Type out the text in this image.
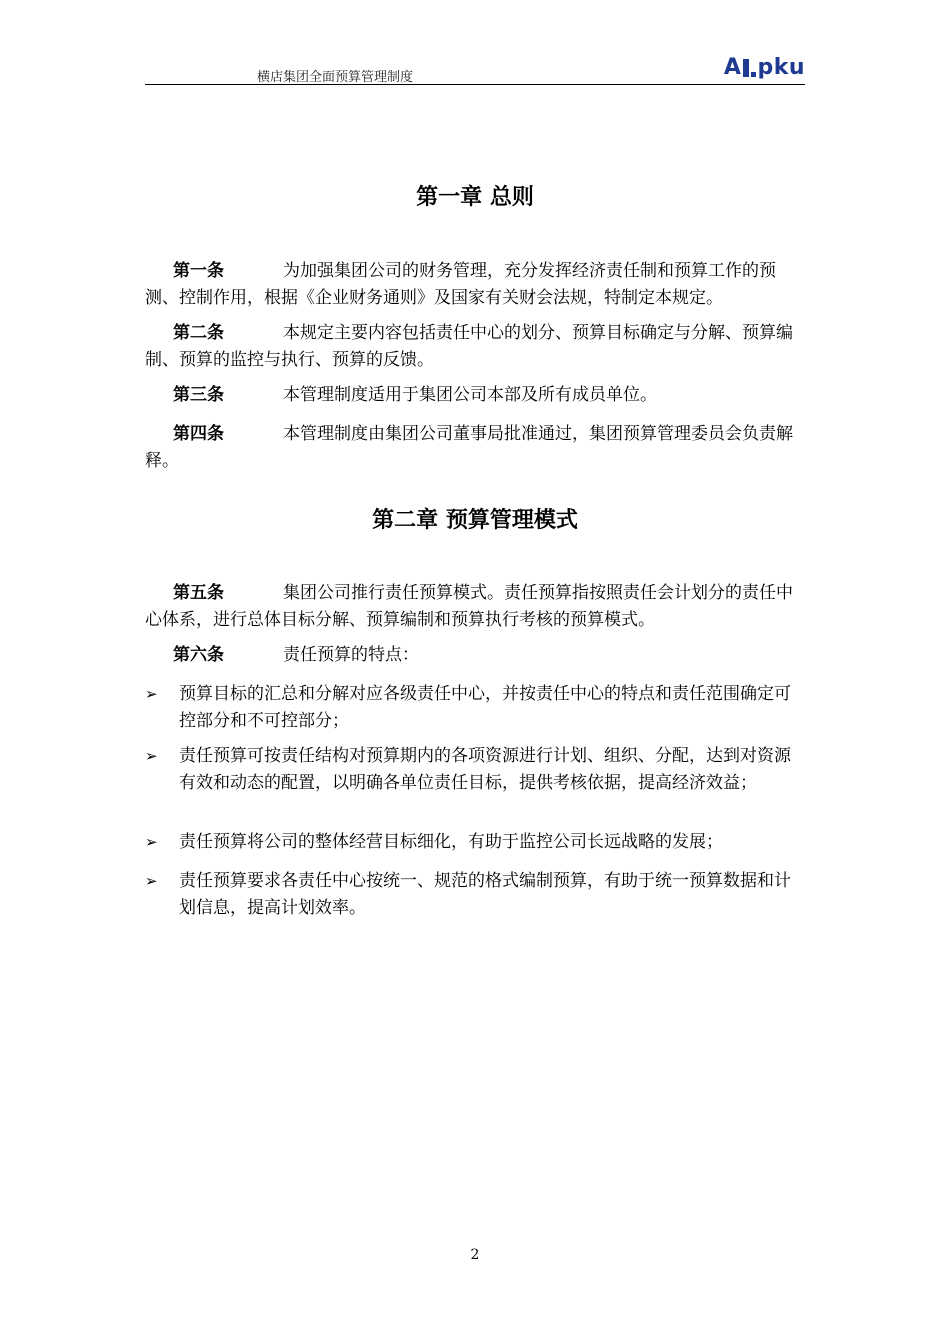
横店集团全面预算管理制度	A pku
第一章 总则
第一条	为加强集团公司的财务管理，充分发挥经济责任制和预算工作的预测、控制作用，根据《企业财务通则》及国家有关财会法规，特制定本规定。
第二条	本规定主要内容包括责任中心的划分、预算目标确定与分解、预算编制、预算的监控与执行、预算的反馈。
第三条	本管理制度适用于集团公司本部及所有成员单位。
第四条	本管理制度由集团公司董事局批准通过，集团预算管理委员会负责解释。
第二章 预算管理模式
第五条	集团公司推行责任预算模式。责任预算指按照责任会计划分的责任中心体系，进行总体目标分解、预算编制和预算执行考核的预算模式。
第六条	责任预算的特点：
➢ 预算目标的汇总和分解对应各级责任中心，并按责任中心的特点和责任范围确定可控部分和不可控部分；
➢ 责任预算可按责任结构对预算期内的各项资源进行计划、组织、分配，达到对资源有效和动态的配置，以明确各单位责任目标，提供考核依据，提高经济效益；
➢ 责任预算将公司的整体经营目标细化，有助于监控公司长远战略的发展；
➢ 责任预算要求各责任中心按统一、规范的格式编制预算，有助于统一预算数据和计划信息，提高计划效率。
2
